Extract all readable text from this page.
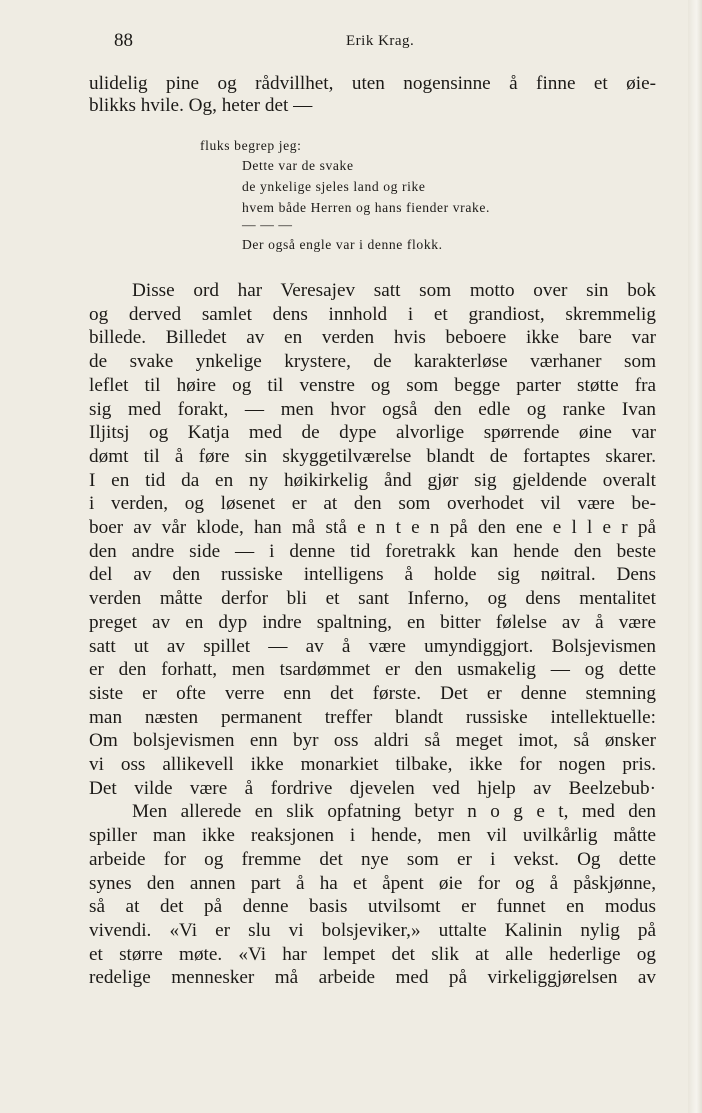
88	Erik Krag.
ulidelig pine og rådvillhet, uten nogensinne å finne et øie-
blikks hvile. Og, heter det —
fluks begrep jeg:
Dette var de svake
de ynkelige sjeles land og rike
hvem både Herren og hans fiender vrake.
— — —
Der også engle var i denne flokk.
Disse ord har Veresajev satt som motto over sin bok
og derved samlet dens innhold i et grandiost, skremmelig
billede. Billedet av en verden hvis beboere ikke bare var
de svake ynkelige krystere, de karakterløse værhaner som
leflet til høire og til venstre og som begge parter støtte fra
sig med forakt, — men hvor også den edle og ranke Ivan
Iljitsj og Katja med de dype alvorlige spørrende øine var
dømt til å føre sin skyggetilværelse blandt de fortaptes skarer.
I en tid da en ny høikirkelig ånd gjør sig gjeldende overalt
i verden, og løsenet er at den som overhodet vil være be-
boer av vår klode, han må stå e n t e n på den ene e l l e r på
den andre side — i denne tid foretrakk kan hende den beste
del av den russiske intelligens å holde sig nøitral. Dens
verden måtte derfor bli et sant Inferno, og dens mentalitet
preget av en dyp indre spaltning, en bitter følelse av å være
satt ut av spillet — av å være umyndiggjort. Bolsjevismen
er den forhatt, men tsardømmet er den usmakelig — og dette
siste er ofte verre enn det første. Det er denne stemning
man næsten permanent treffer blandt russiske intellektuelle:
Om bolsjevismen enn byr oss aldri så meget imot, så ønsker
vi oss allikevell ikke monarkiet tilbake, ikke for nogen pris.
Det vilde være å fordrive djevelen ved hjelp av Beelzebub·
Men allerede en slik opfatning betyr n o g e t, med den
spiller man ikke reaksjonen i hende, men vil uvilkårlig måtte
arbeide for og fremme det nye som er i vekst. Og dette
synes den annen part å ha et åpent øie for og å påskjønne,
så at det på denne basis utvilsomt er funnet en modus
vivendi. «Vi er slu vi bolsjeviker,» uttalte Kalinin nylig på
et større møte. «Vi har lempet det slik at alle hederlige og
redelige mennesker må arbeide med på virkeliggjørelsen av
